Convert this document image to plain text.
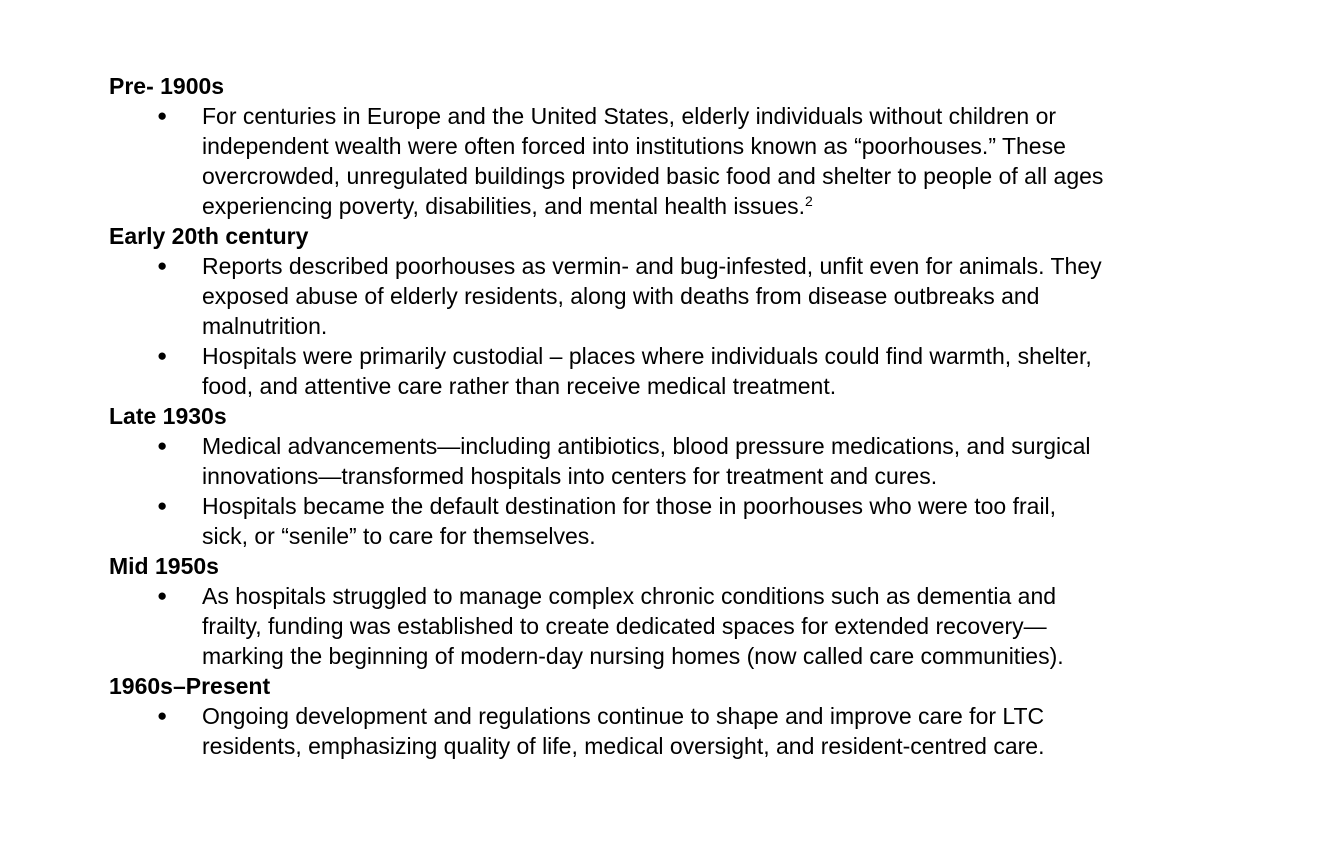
Pre- 1900s
● For centuries in Europe and the United States, elderly individuals without children or
independent wealth were often forced into institutions known as “poorhouses.” These
overcrowded, unregulated buildings provided basic food and shelter to people of all ages
experiencing poverty, disabilities, and mental health issues.$^2$
Early 20th century
● Reports described poorhouses as vermin- and bug-infested, unfit even for animals. They
exposed abuse of elderly residents, along with deaths from disease outbreaks and
malnutrition.
● Hospitals were primarily custodial – places where individuals could find warmth, shelter,
food, and attentive care rather than receive medical treatment.
Late 1930s
● Medical advancements—including antibiotics, blood pressure medications, and surgical
innovations—transformed hospitals into centers for treatment and cures.
● Hospitals became the default destination for those in poorhouses who were too frail,
sick, or “senile” to care for themselves.
Mid 1950s
● As hospitals struggled to manage complex chronic conditions such as dementia and
frailty, funding was established to create dedicated spaces for extended recovery—
marking the beginning of modern-day nursing homes (now called care communities).
1960s–Present
● Ongoing development and regulations continue to shape and improve care for LTC
residents, emphasizing quality of life, medical oversight, and resident-centred care.
